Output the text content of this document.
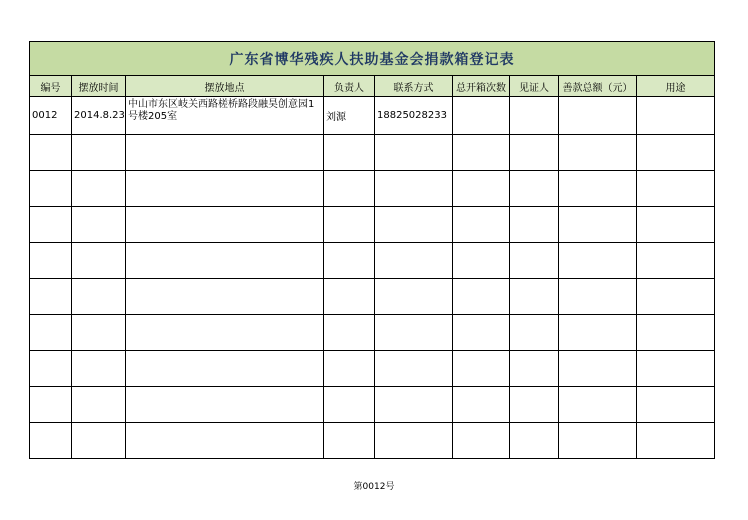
广东省博华残疾人扶助基金会捐款箱登记表								
编号	摆放时间	摆放地点	负责人	联系方式	总开箱次数	见证人	善款总额（元）	用途
0012	2014.8.23	中山市东区岐关西路槎桥路段融昊创意园1号楼205室	刘源	18825028233				

第0012号
